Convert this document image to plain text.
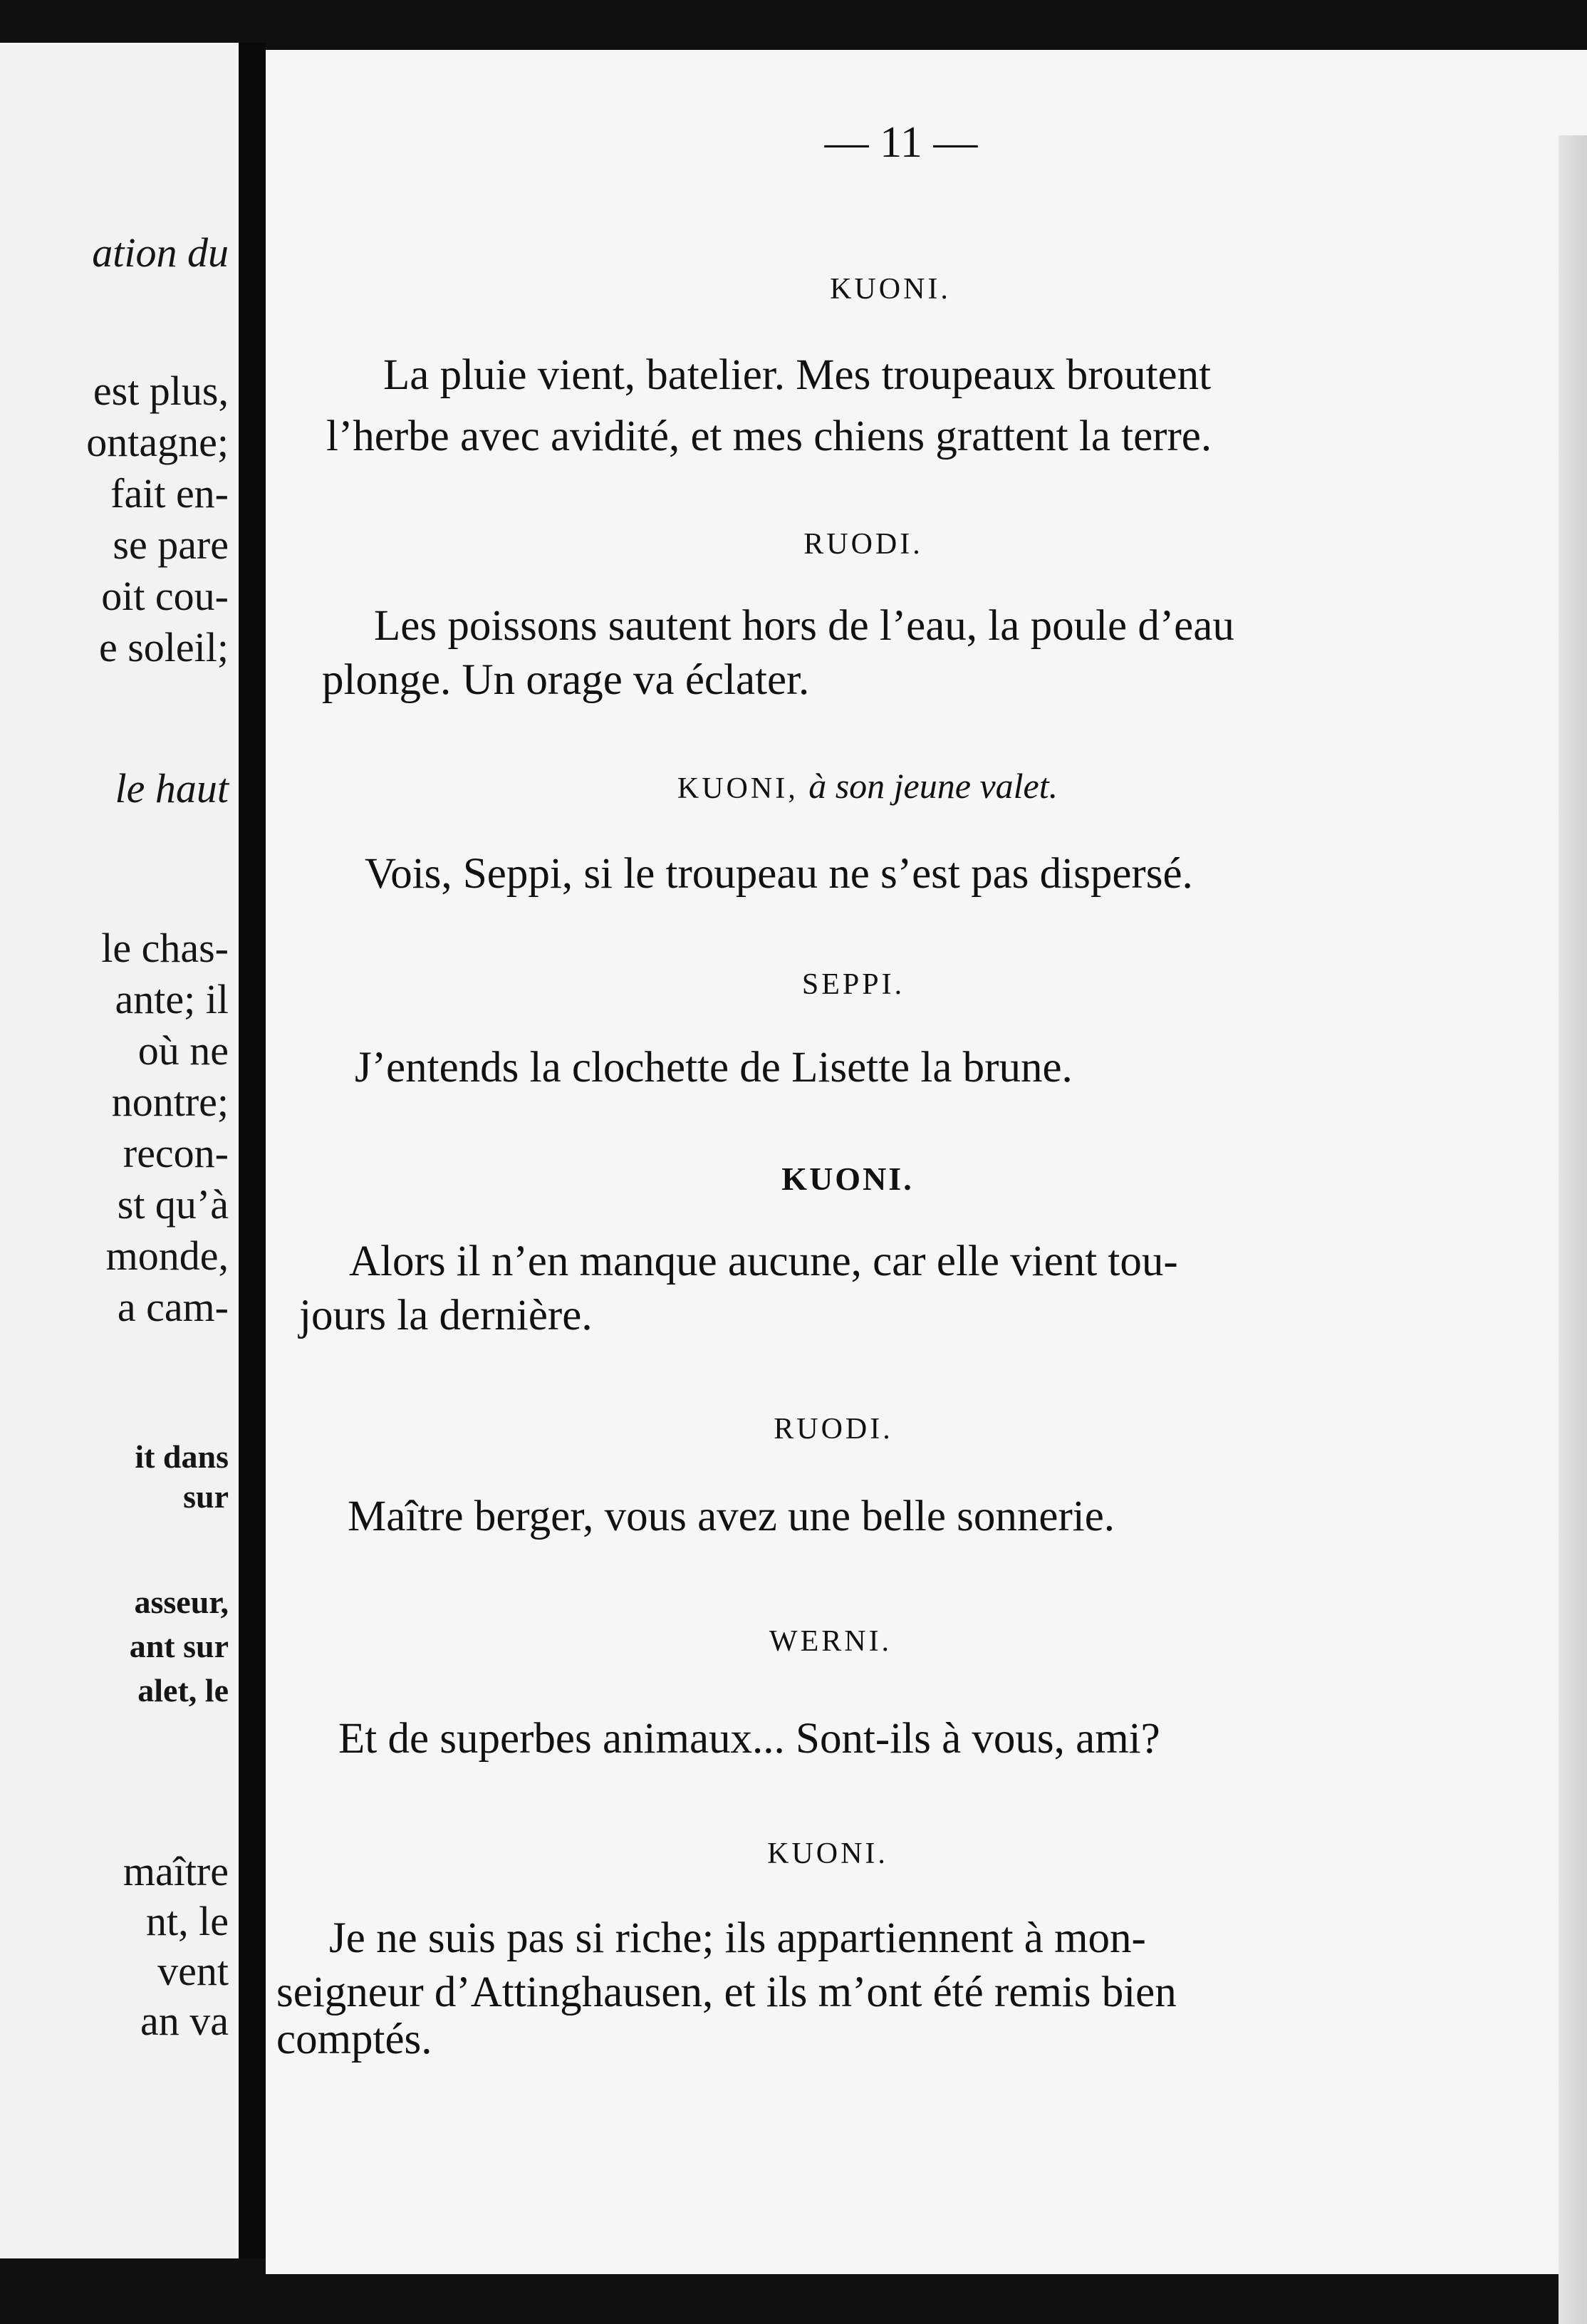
ation du
est plus,
ontagne;
fait en-
se pare
oit cou-
e soleil;
le haut
le chas-
ante; il
où ne
nontre;
recon-
st qu’à
monde,
a cam-
it dans
sur
asseur,
ant sur
alet, le
maître
nt, le
vent
an va
— 11 —
KUONI.
La pluie vient, batelier. Mes troupeaux broutent
l’herbe avec avidité, et mes chiens grattent la terre.
RUODI.
Les poissons sautent hors de l’eau, la poule d’eau
plonge. Un orage va éclater.
KUONI, à son jeune valet.
Vois, Seppi, si le troupeau ne s’est pas dispersé.
SEPPI.
J’entends la clochette de Lisette la brune.
KUONI.
Alors il n’en manque aucune, car elle vient tou-
jours la dernière.
RUODI.
Maître berger, vous avez une belle sonnerie.
WERNI.
Et de superbes animaux... Sont-ils à vous, ami?
KUONI.
Je ne suis pas si riche; ils appartiennent à mon-
seigneur d’Attinghausen, et ils m’ont été remis bien
comptés.
